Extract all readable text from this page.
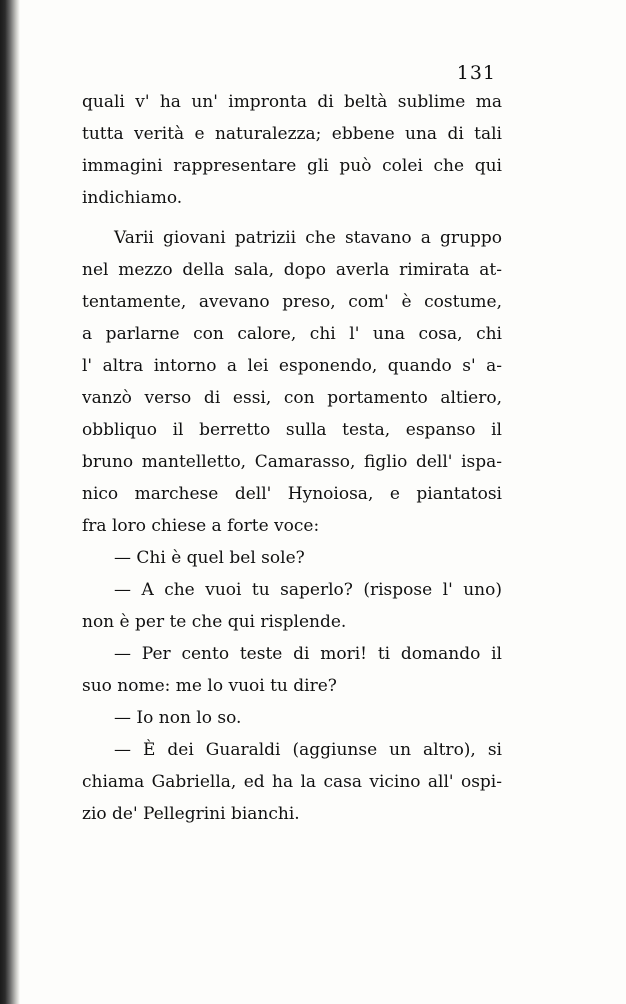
131
quali v' ha un' impronta di beltà sublime ma
tutta verità e naturalezza; ebbene una di tali
immagini rappresentare gli può colei che qui
indichiamo.
Varii giovani patrizii che stavano a gruppo
nel mezzo della sala, dopo averla rimirata at-
tentamente, avevano preso, com' è costume,
a parlarne con calore, chi l' una cosa, chi
l' altra intorno a lei esponendo, quando s' a-
vanzò verso di essi, con portamento altiero,
obbliquo il berretto sulla testa, espanso il
bruno mantelletto, Camarasso, figlio dell' ispa-
nico marchese dell' Hynoiosa, e piantatosi
fra loro chiese a forte voce:
— Chi è quel bel sole?
— A che vuoi tu saperlo? (rispose l' uno)
non è per te che qui risplende.
— Per cento teste di mori! ti domando il
suo nome: me lo vuoi tu dire?
— Io non lo so.
— È dei Guaraldi (aggiunse un altro), si
chiama Gabriella, ed ha la casa vicino all' ospi-
zio de' Pellegrini bianchi.
